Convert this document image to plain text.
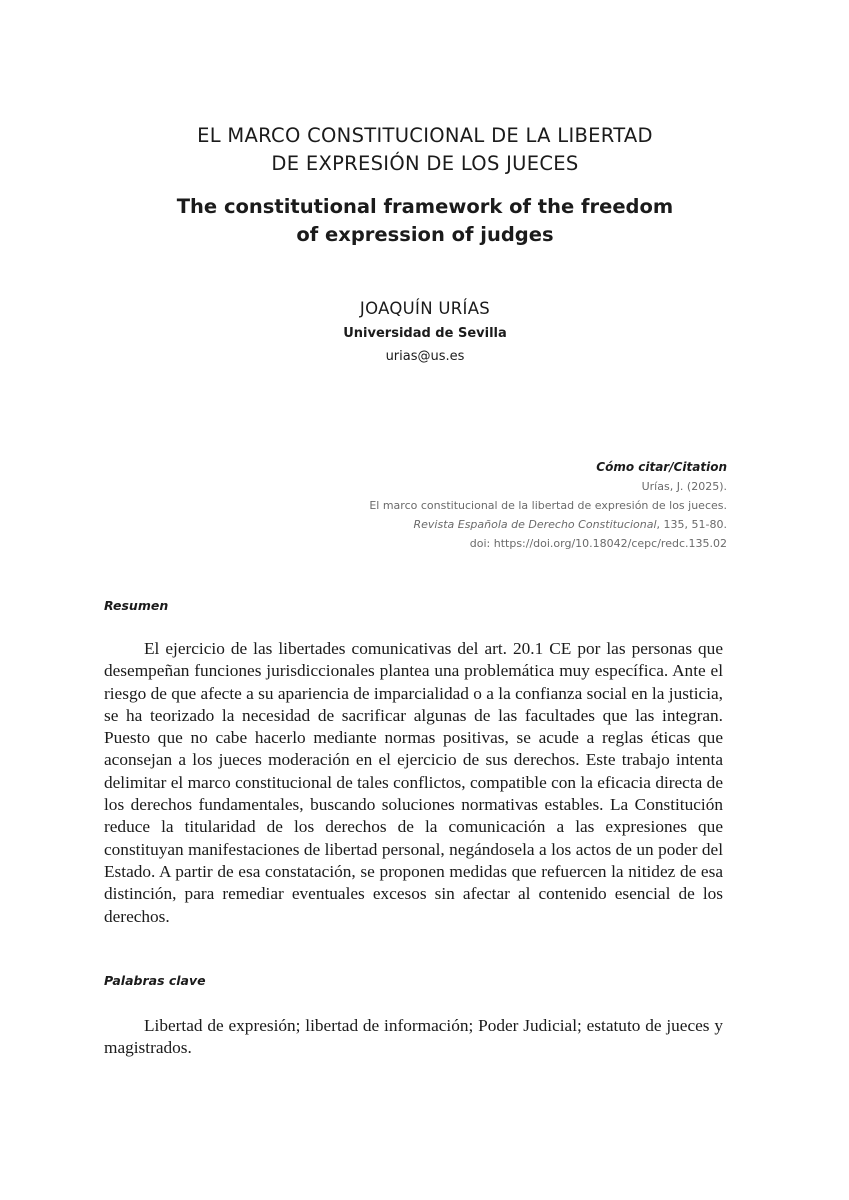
EL MARCO CONSTITUCIONAL DE LA LIBERTAD
DE EXPRESIÓN DE LOS JUECES
The constitutional framework of the freedom
of expression of judges
JOAQUÍN URÍAS
Universidad de Sevilla
urias@us.es
Cómo citar/Citation
Urías, J. (2025).
El marco constitucional de la libertad de expresión de los jueces.
Revista Española de Derecho Constitucional, 135, 51-80.
doi: https://doi.org/10.18042/cepc/redc.135.02
Resumen

El ejercicio de las libertades comunicativas del art. 20.1 CE por las personas que desempeñan funciones jurisdiccionales plantea una problemática muy específica. Ante el riesgo de que afecte a su apariencia de imparcialidad o a la confianza social en la justicia, se ha teorizado la necesidad de sacrificar algunas de las facultades que las integran. Puesto que no cabe hacerlo mediante normas positivas, se acude a reglas éticas que aconsejan a los jueces moderación en el ejercicio de sus derechos. Este trabajo intenta delimitar el marco constitucional de tales conflictos, compatible con la eficacia directa de los derechos fundamentales, buscando soluciones normativas estables. La Constitución reduce la titularidad de los derechos de la comunicación a las expresiones que constituyan manifestaciones de libertad personal, negándosela a los actos de un poder del Estado. A partir de esa constatación, se proponen medidas que refuercen la nitidez de esa distinción, para remediar eventuales excesos sin afectar al contenido esencial de los derechos.

Palabras clave

Libertad de expresión; libertad de información; Poder Judicial; estatuto de jueces y magistrados.
